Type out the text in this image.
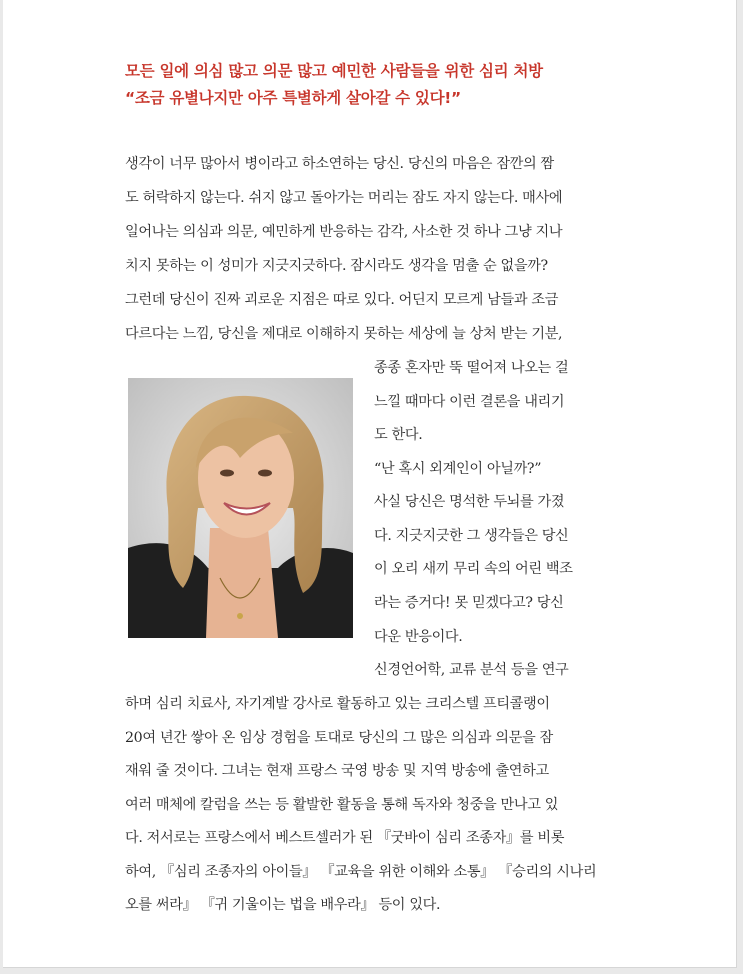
모든 일에 의심 많고 의문 많고 예민한 사람들을 위한 심리 처방
“조금 유별나지만 아주 특별하게 살아갈 수 있다!”
생각이 너무 많아서 병이라고 하소연하는 당신. 당신의 마음은 잠깐의 짬
도 허락하지 않는다. 쉬지 않고 돌아가는 머리는 잠도 자지 않는다. 매사에
일어나는 의심과 의문, 예민하게 반응하는 감각, 사소한 것 하나 그냥 지나
치지 못하는 이 성미가 지긋지긋하다. 잠시라도 생각을 멈출 순 없을까?
그런데 당신이 진짜 괴로운 지점은 따로 있다. 어딘지 모르게 남들과 조금
다르다는 느낌, 당신을 제대로 이해하지 못하는 세상에 늘 상처 받는 기분,
종종 혼자만 뚝 떨어져 나오는 걸
느낄 때마다 이런 결론을 내리기
도 한다.
“난 혹시 외계인이 아닐까?”
사실 당신은 명석한 두뇌를 가졌
다. 지긋지긋한 그 생각들은 당신
이 오리 새끼 무리 속의 어린 백조
라는 증거다! 못 믿겠다고? 당신
다운 반응이다.
신경언어학, 교류 분석 등을 연구
하며 심리 치료사, 자기계발 강사로 활동하고 있는 크리스텔 프티콜랭이
20여 년간 쌓아 온 임상 경험을 토대로 당신의 그 많은 의심과 의문을 잠
재워 줄 것이다. 그녀는 현재 프랑스 국영 방송 및 지역 방송에 출연하고
여러 매체에 칼럼을 쓰는 등 활발한 활동을 통해 독자와 청중을 만나고 있
다. 저서로는 프랑스에서 베스트셀러가 된 『굿바이 심리 조종자』를 비롯
하여, 『심리 조종자의 아이들』 『교육을 위한 이해와 소통』 『승리의 시나리
오를 써라』 『귀 기울이는 법을 배우라』 등이 있다.
